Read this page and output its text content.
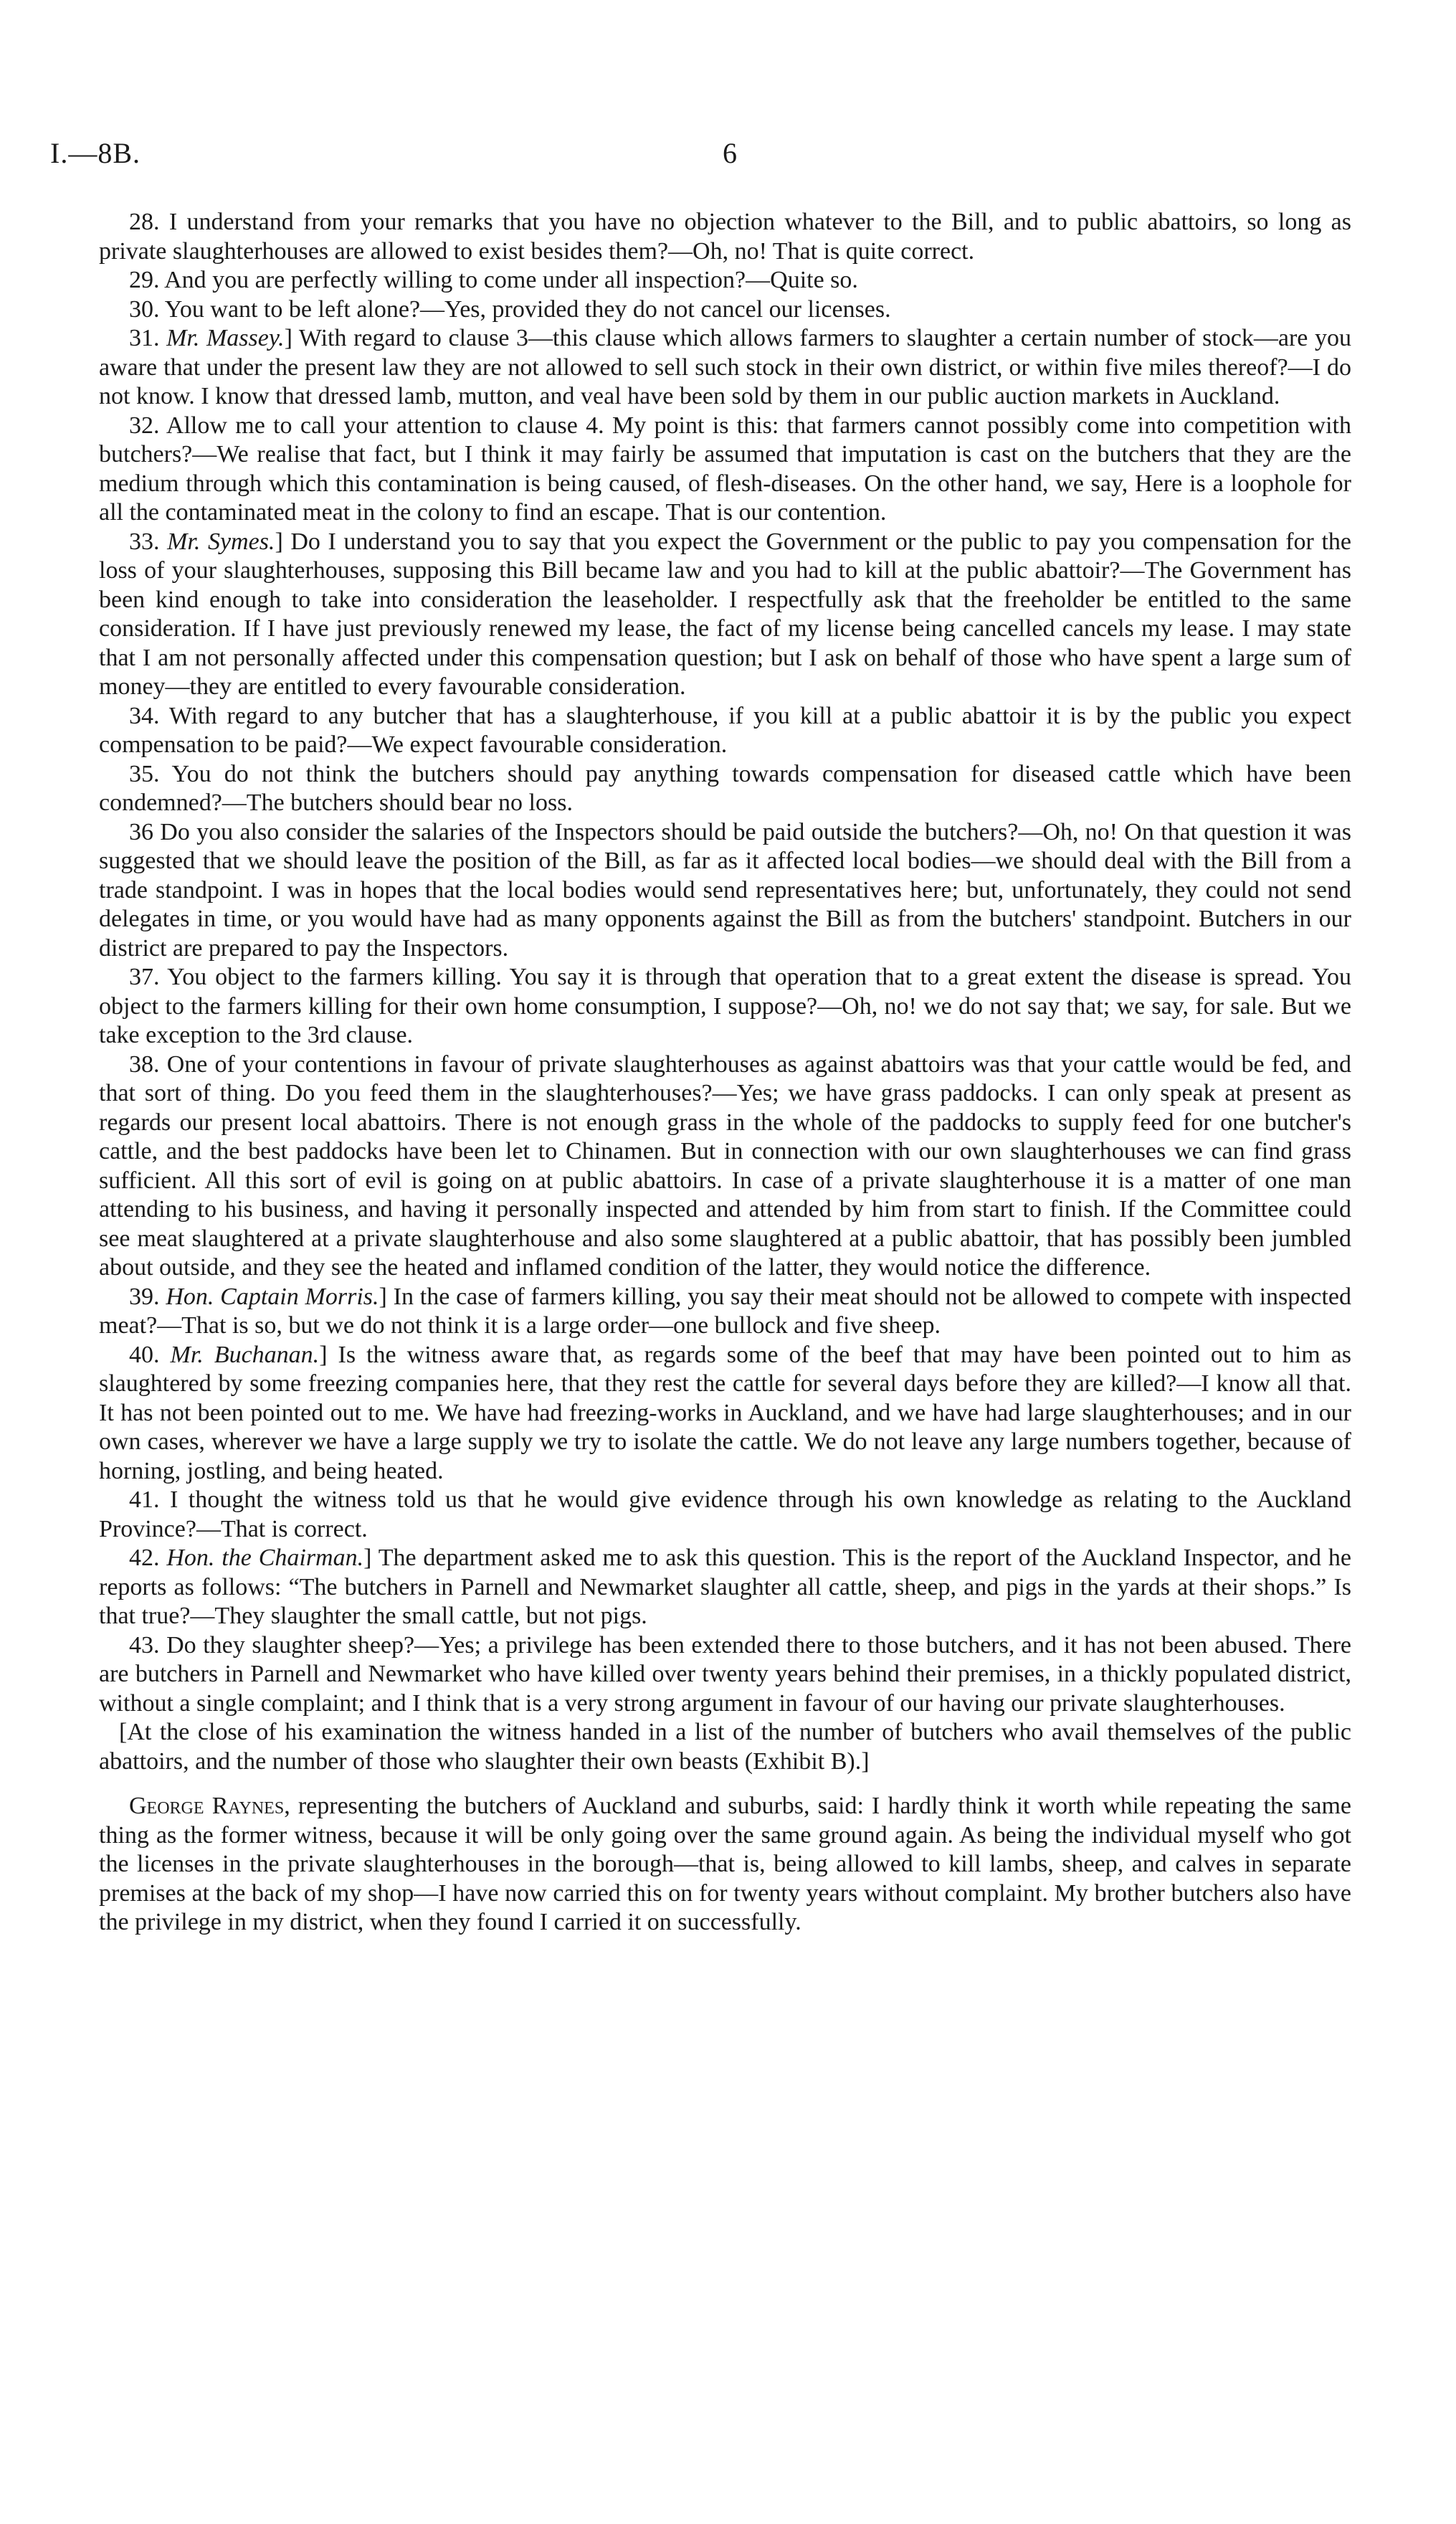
I.—8B.	6

28. I understand from your remarks that you have no objection whatever to the Bill, and to public abattoirs, so long as private slaughterhouses are allowed to exist besides them?—Oh, no! That is quite correct.

29. And you are perfectly willing to come under all inspection?—Quite so.

30. You want to be left alone?—Yes, provided they do not cancel our licenses.

31. Mr. Massey.] With regard to clause 3—this clause which allows farmers to slaughter a certain number of stock—are you aware that under the present law they are not allowed to sell such stock in their own district, or within five miles thereof?—I do not know. I know that dressed lamb, mutton, and veal have been sold by them in our public auction markets in Auckland.

32. Allow me to call your attention to clause 4. My point is this: that farmers cannot possibly come into competition with butchers?—We realise that fact, but I think it may fairly be assumed that imputation is cast on the butchers that they are the medium through which this contamination is being caused, of flesh-diseases. On the other hand, we say, Here is a loophole for all the contaminated meat in the colony to find an escape. That is our contention.

33. Mr. Symes.] Do I understand you to say that you expect the Government or the public to pay you compensation for the loss of your slaughterhouses, supposing this Bill became law and you had to kill at the public abattoir?—The Government has been kind enough to take into consideration the leaseholder. I respectfully ask that the freeholder be entitled to the same consideration. If I have just previously renewed my lease, the fact of my license being cancelled cancels my lease. I may state that I am not personally affected under this compensation question; but I ask on behalf of those who have spent a large sum of money—they are entitled to every favourable consideration.

34. With regard to any butcher that has a slaughterhouse, if you kill at a public abattoir it is by the public you expect compensation to be paid?—We expect favourable consideration.

35. You do not think the butchers should pay anything towards compensation for diseased cattle which have been condemned?—The butchers should bear no loss.

36 Do you also consider the salaries of the Inspectors should be paid outside the butchers?—Oh, no! On that question it was suggested that we should leave the position of the Bill, as far as it affected local bodies—we should deal with the Bill from a trade standpoint. I was in hopes that the local bodies would send representatives here; but, unfortunately, they could not send delegates in time, or you would have had as many opponents against the Bill as from the butchers' standpoint. Butchers in our district are prepared to pay the Inspectors.

37. You object to the farmers killing. You say it is through that operation that to a great extent the disease is spread. You object to the farmers killing for their own home consumption, I suppose?—Oh, no! we do not say that; we say, for sale. But we take exception to the 3rd clause.

38. One of your contentions in favour of private slaughterhouses as against abattoirs was that your cattle would be fed, and that sort of thing. Do you feed them in the slaughterhouses?—Yes; we have grass paddocks. I can only speak at present as regards our present local abattoirs. There is not enough grass in the whole of the paddocks to supply feed for one butcher's cattle, and the best paddocks have been let to Chinamen. But in connection with our own slaughterhouses we can find grass sufficient. All this sort of evil is going on at public abattoirs. In case of a private slaughterhouse it is a matter of one man attending to his business, and having it personally inspected and attended by him from start to finish. If the Committee could see meat slaughtered at a private slaughterhouse and also some slaughtered at a public abattoir, that has possibly been jumbled about outside, and they see the heated and inflamed condition of the latter, they would notice the difference.

39. Hon. Captain Morris.] In the case of farmers killing, you say their meat should not be allowed to compete with inspected meat?—That is so, but we do not think it is a large order—one bullock and five sheep.

40. Mr. Buchanan.] Is the witness aware that, as regards some of the beef that may have been pointed out to him as slaughtered by some freezing companies here, that they rest the cattle for several days before they are killed?—I know all that. It has not been pointed out to me. We have had freezing-works in Auckland, and we have had large slaughterhouses; and in our own cases, wherever we have a large supply we try to isolate the cattle. We do not leave any large numbers together, because of horning, jostling, and being heated.

41. I thought the witness told us that he would give evidence through his own knowledge as relating to the Auckland Province?—That is correct.

42. Hon. the Chairman.] The department asked me to ask this question. This is the report of the Auckland Inspector, and he reports as follows: “The butchers in Parnell and Newmarket slaughter all cattle, sheep, and pigs in the yards at their shops.” Is that true?—They slaughter the small cattle, but not pigs.

43. Do they slaughter sheep?—Yes; a privilege has been extended there to those butchers, and it has not been abused. There are butchers in Parnell and Newmarket who have killed over twenty years behind their premises, in a thickly populated district, without a single complaint; and I think that is a very strong argument in favour of our having our private slaughterhouses.

[At the close of his examination the witness handed in a list of the number of butchers who avail themselves of the public abattoirs, and the number of those who slaughter their own beasts (Exhibit B).]

George Raynes, representing the butchers of Auckland and suburbs, said: I hardly think it worth while repeating the same thing as the former witness, because it will be only going over the same ground again. As being the individual myself who got the licenses in the private slaughterhouses in the borough—that is, being allowed to kill lambs, sheep, and calves in separate premises at the back of my shop—I have now carried this on for twenty years without complaint. My brother butchers also have the privilege in my district, when they found I carried it on successfully.
